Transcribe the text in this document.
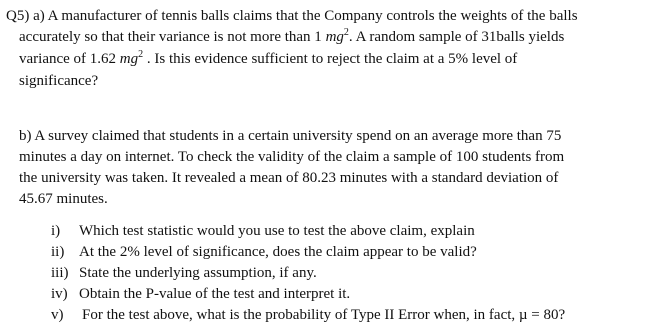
Q5) a) A manufacturer of tennis balls claims that the Company controls the weights of the balls
accurately so that their variance is not more than 1 $mg^2$. A random sample of 31balls yields
variance of 1.62 $mg^2$ . Is this evidence sufficient to reject the claim at a 5% level of
significance?
b) A survey claimed that students in a certain university spend on an average more than 75
minutes a day on internet. To check the validity of the claim a sample of 100 students from
the university was taken. It revealed a mean of 80.23 minutes with a standard deviation of
45.67 minutes.
i) Which test statistic would you use to test the above claim, explain
ii) At the 2% level of significance, does the claim appear to be valid?
iii) State the underlying assumption, if any.
iv) Obtain the P-value of the test and interpret it.
v) For the test above, what is the probability of Type II Error when, in fact, µ = 80?
